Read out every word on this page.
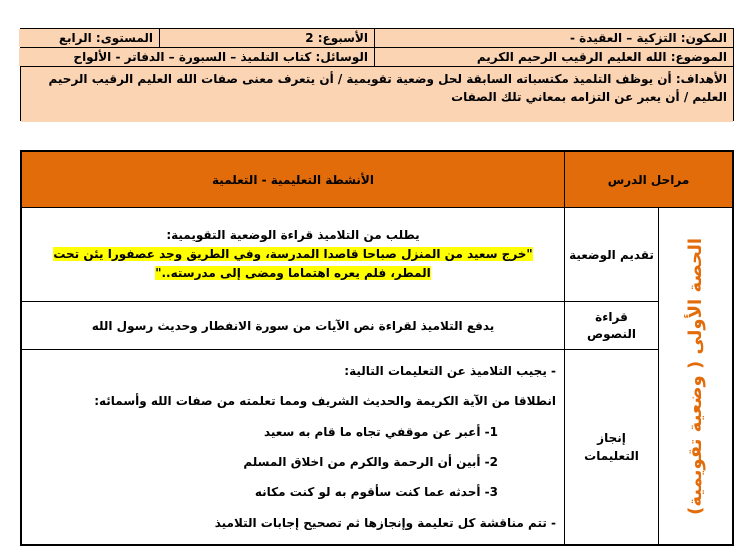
المكون: التزكية – العقيدة -
الأسبوع: 2
المستوى: الرابع
الموضوع: الله العليم الرقيب الرحيم الكريم
الوسائل: كتاب التلميذ – السبورة – الدفاتر - الألواح
الأهداف: أن يوظف التلميذ مكتسباته السابقة لحل وضعية تقويمية / أن يتعرف معنى صفات الله العليم الرقيب الرحيم العليم / أن يعبر عن التزامه بمعاني تلك الصفات
مراحل الدرس
الأنشطة التعليمية - التعلمية
الحصة الأولى ( وضعية تقويمية)
تقديم الوضعية
يطلب من التلاميذ قراءة الوضعية التقويمية:
"خرج سعيد من المنزل صباحا قاصدا المدرسة، وفي الطريق وجد عصفورا يئن تحت المطر، فلم يعره اهتماما ومضى إلى مدرسته.."
قراءة النصوص
يدفع التلاميذ لقراءة نص الآيات من سورة الانفطار وحديث رسول الله
إنجاز التعليمات
- يجيب التلاميذ عن التعليمات التالية:
انطلاقا من الآية الكريمة والحديث الشريف ومما تعلمته من صفات الله وأسمائه:
1- أعبر عن موقفي تجاه ما قام به سعيد
2- أبين أن الرحمة والكرم من اخلاق المسلم
3- أحدثه عما كنت سأقوم به لو كنت مكانه
- تتم مناقشة كل تعليمة وإنجازها ثم تصحيح إجابات التلاميذ
